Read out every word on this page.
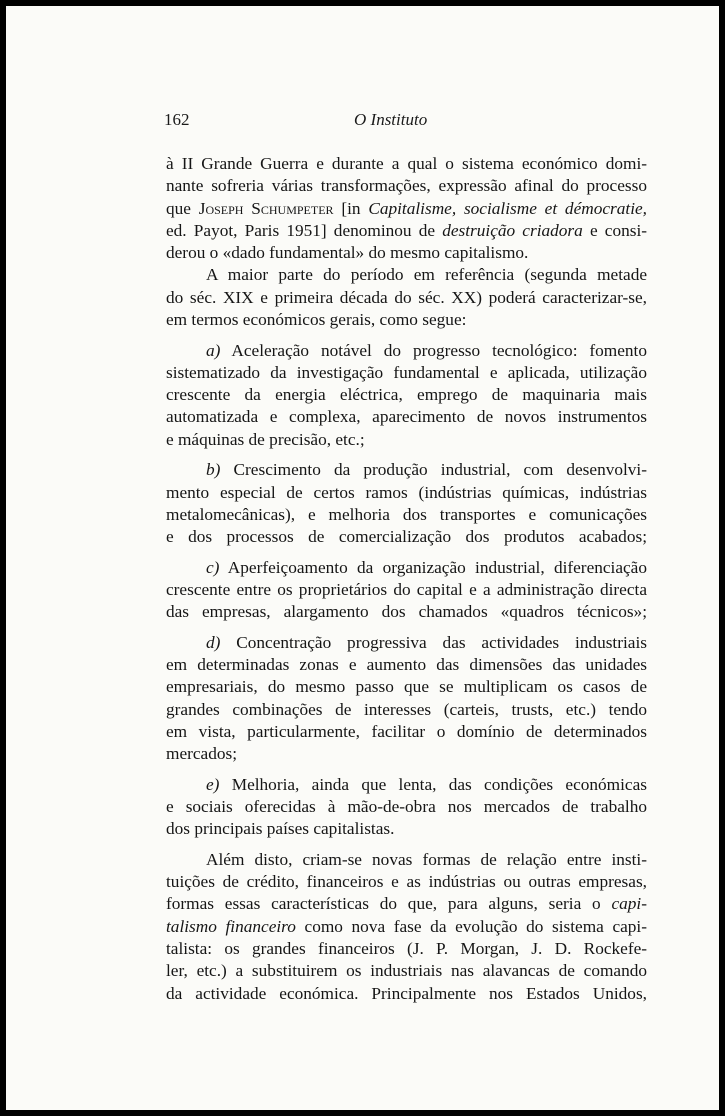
162	O Instituto
à II Grande Guerra e durante a qual o sistema económico domi-
nante sofreria várias transformações, expressão afinal do processo
que Joseph Schumpeter [in Capitalisme, socialisme et démocratie,
ed. Payot, Paris 1951] denominou de destruição criadora e consi-
derou o «dado fundamental» do mesmo capitalismo.
A maior parte do período em referência (segunda metade
do séc. XIX e primeira década do séc. XX) poderá caracterizar-se,
em termos económicos gerais, como segue:
a) Aceleração notável do progresso tecnológico: fomento
sistematizado da investigação fundamental e aplicada, utilização
crescente da energia eléctrica, emprego de maquinaria mais
automatizada e complexa, aparecimento de novos instrumentos
e máquinas de precisão, etc.;
b) Crescimento da produção industrial, com desenvolvi-
mento especial de certos ramos (indústrias químicas, indústrias
metalomecânicas), e melhoria dos transportes e comunicações
e dos processos de comercialização dos produtos acabados;
c) Aperfeiçoamento da organização industrial, diferenciação
crescente entre os proprietários do capital e a administração directa
das empresas, alargamento dos chamados «quadros técnicos»;
d) Concentração progressiva das actividades industriais
em determinadas zonas e aumento das dimensões das unidades
empresariais, do mesmo passo que se multiplicam os casos de
grandes combinações de interesses (carteis, trusts, etc.) tendo
em vista, particularmente, facilitar o domínio de determinados
mercados;
e) Melhoria, ainda que lenta, das condições económicas
e sociais oferecidas à mão-de-obra nos mercados de trabalho
dos principais países capitalistas.
Além disto, criam-se novas formas de relação entre insti-
tuições de crédito, financeiros e as indústrias ou outras empresas,
formas essas características do que, para alguns, seria o capi-
talismo financeiro como nova fase da evolução do sistema capi-
talista: os grandes financeiros (J. P. Morgan, J. D. Rockefe-
ler, etc.) a substituirem os industriais nas alavancas de comando
da actividade económica. Principalmente nos Estados Unidos,
